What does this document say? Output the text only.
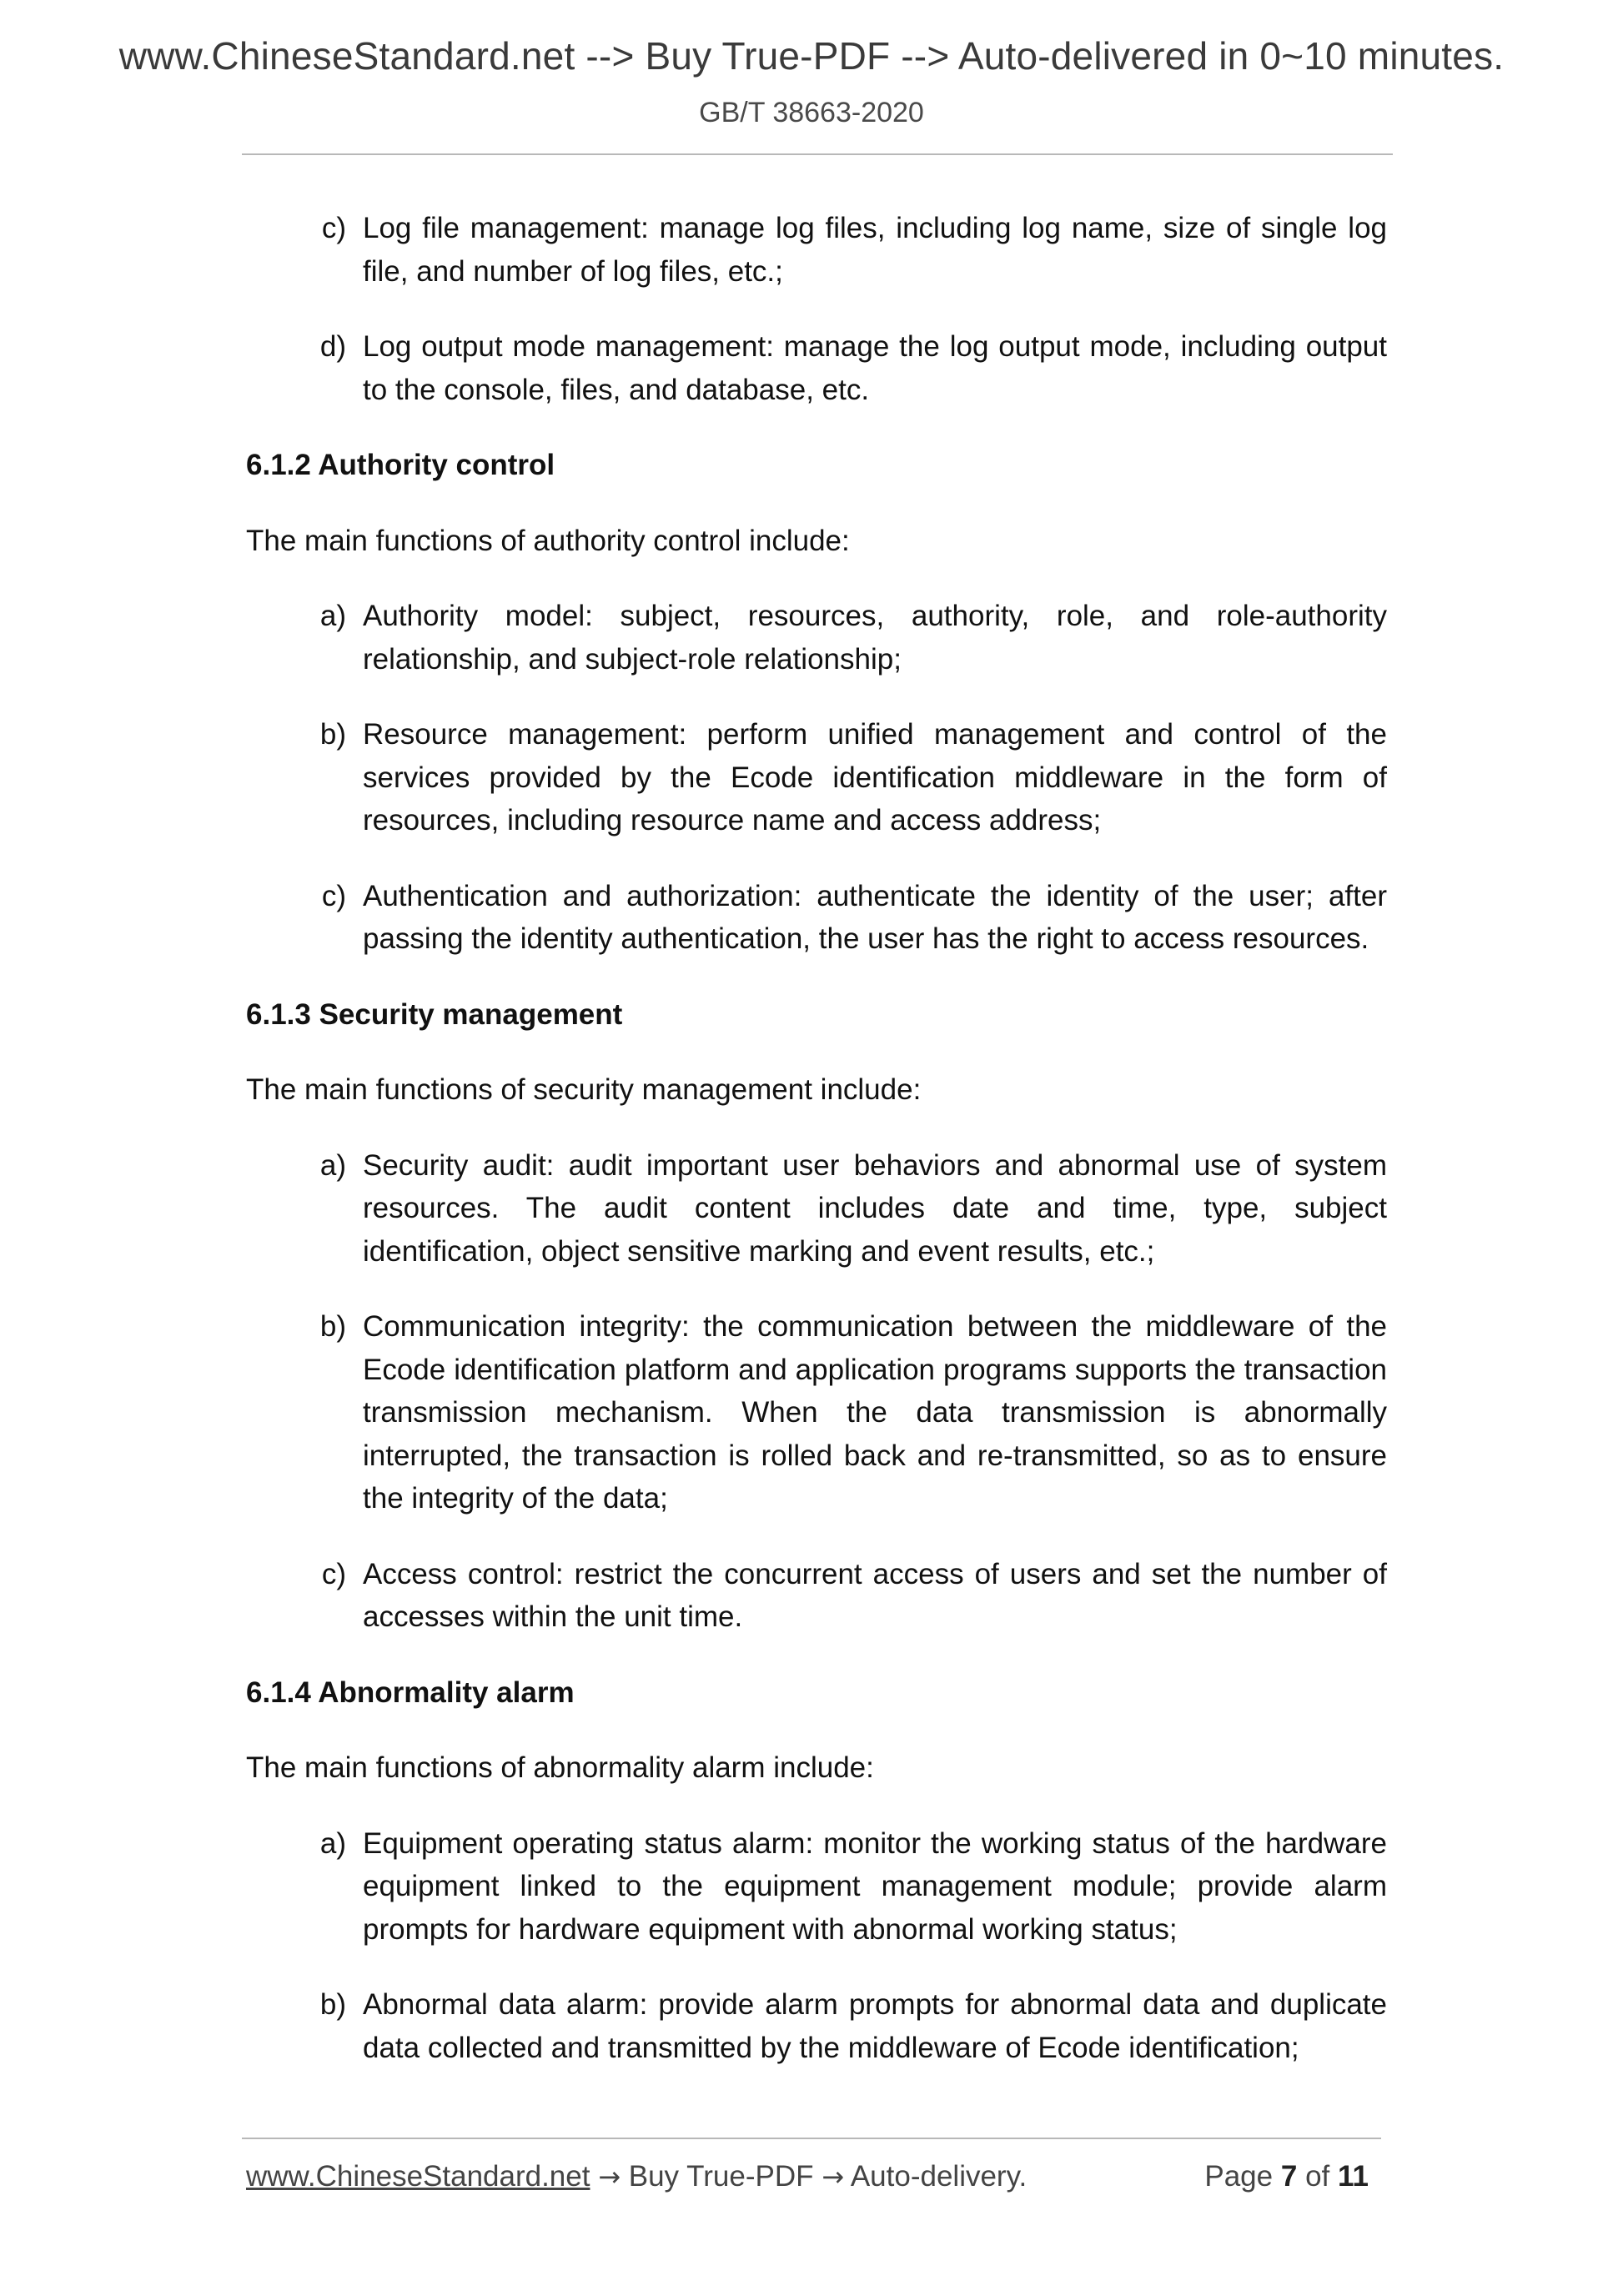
www.ChineseStandard.net --> Buy True-PDF --> Auto-delivered in 0~10 minutes.
GB/T 38663-2020
c) Log file management: manage log files, including log name, size of single log file, and number of log files, etc.;
d) Log output mode management: manage the log output mode, including output to the console, files, and database, etc.
6.1.2 Authority control
The main functions of authority control include:
a) Authority model: subject, resources, authority, role, and role-authority relationship, and subject-role relationship;
b) Resource management: perform unified management and control of the services provided by the Ecode identification middleware in the form of resources, including resource name and access address;
c) Authentication and authorization: authenticate the identity of the user; after passing the identity authentication, the user has the right to access resources.
6.1.3 Security management
The main functions of security management include:
a) Security audit: audit important user behaviors and abnormal use of system resources. The audit content includes date and time, type, subject identification, object sensitive marking and event results, etc.;
b) Communication integrity: the communication between the middleware of the Ecode identification platform and application programs supports the transaction transmission mechanism. When the data transmission is abnormally interrupted, the transaction is rolled back and re-transmitted, so as to ensure the integrity of the data;
c) Access control: restrict the concurrent access of users and set the number of accesses within the unit time.
6.1.4 Abnormality alarm
The main functions of abnormality alarm include:
a) Equipment operating status alarm: monitor the working status of the hardware equipment linked to the equipment management module; provide alarm prompts for hardware equipment with abnormal working status;
b) Abnormal data alarm: provide alarm prompts for abnormal data and duplicate data collected and transmitted by the middleware of Ecode identification;
www.ChineseStandard.net → Buy True-PDF → Auto-delivery.	Page 7 of 11
